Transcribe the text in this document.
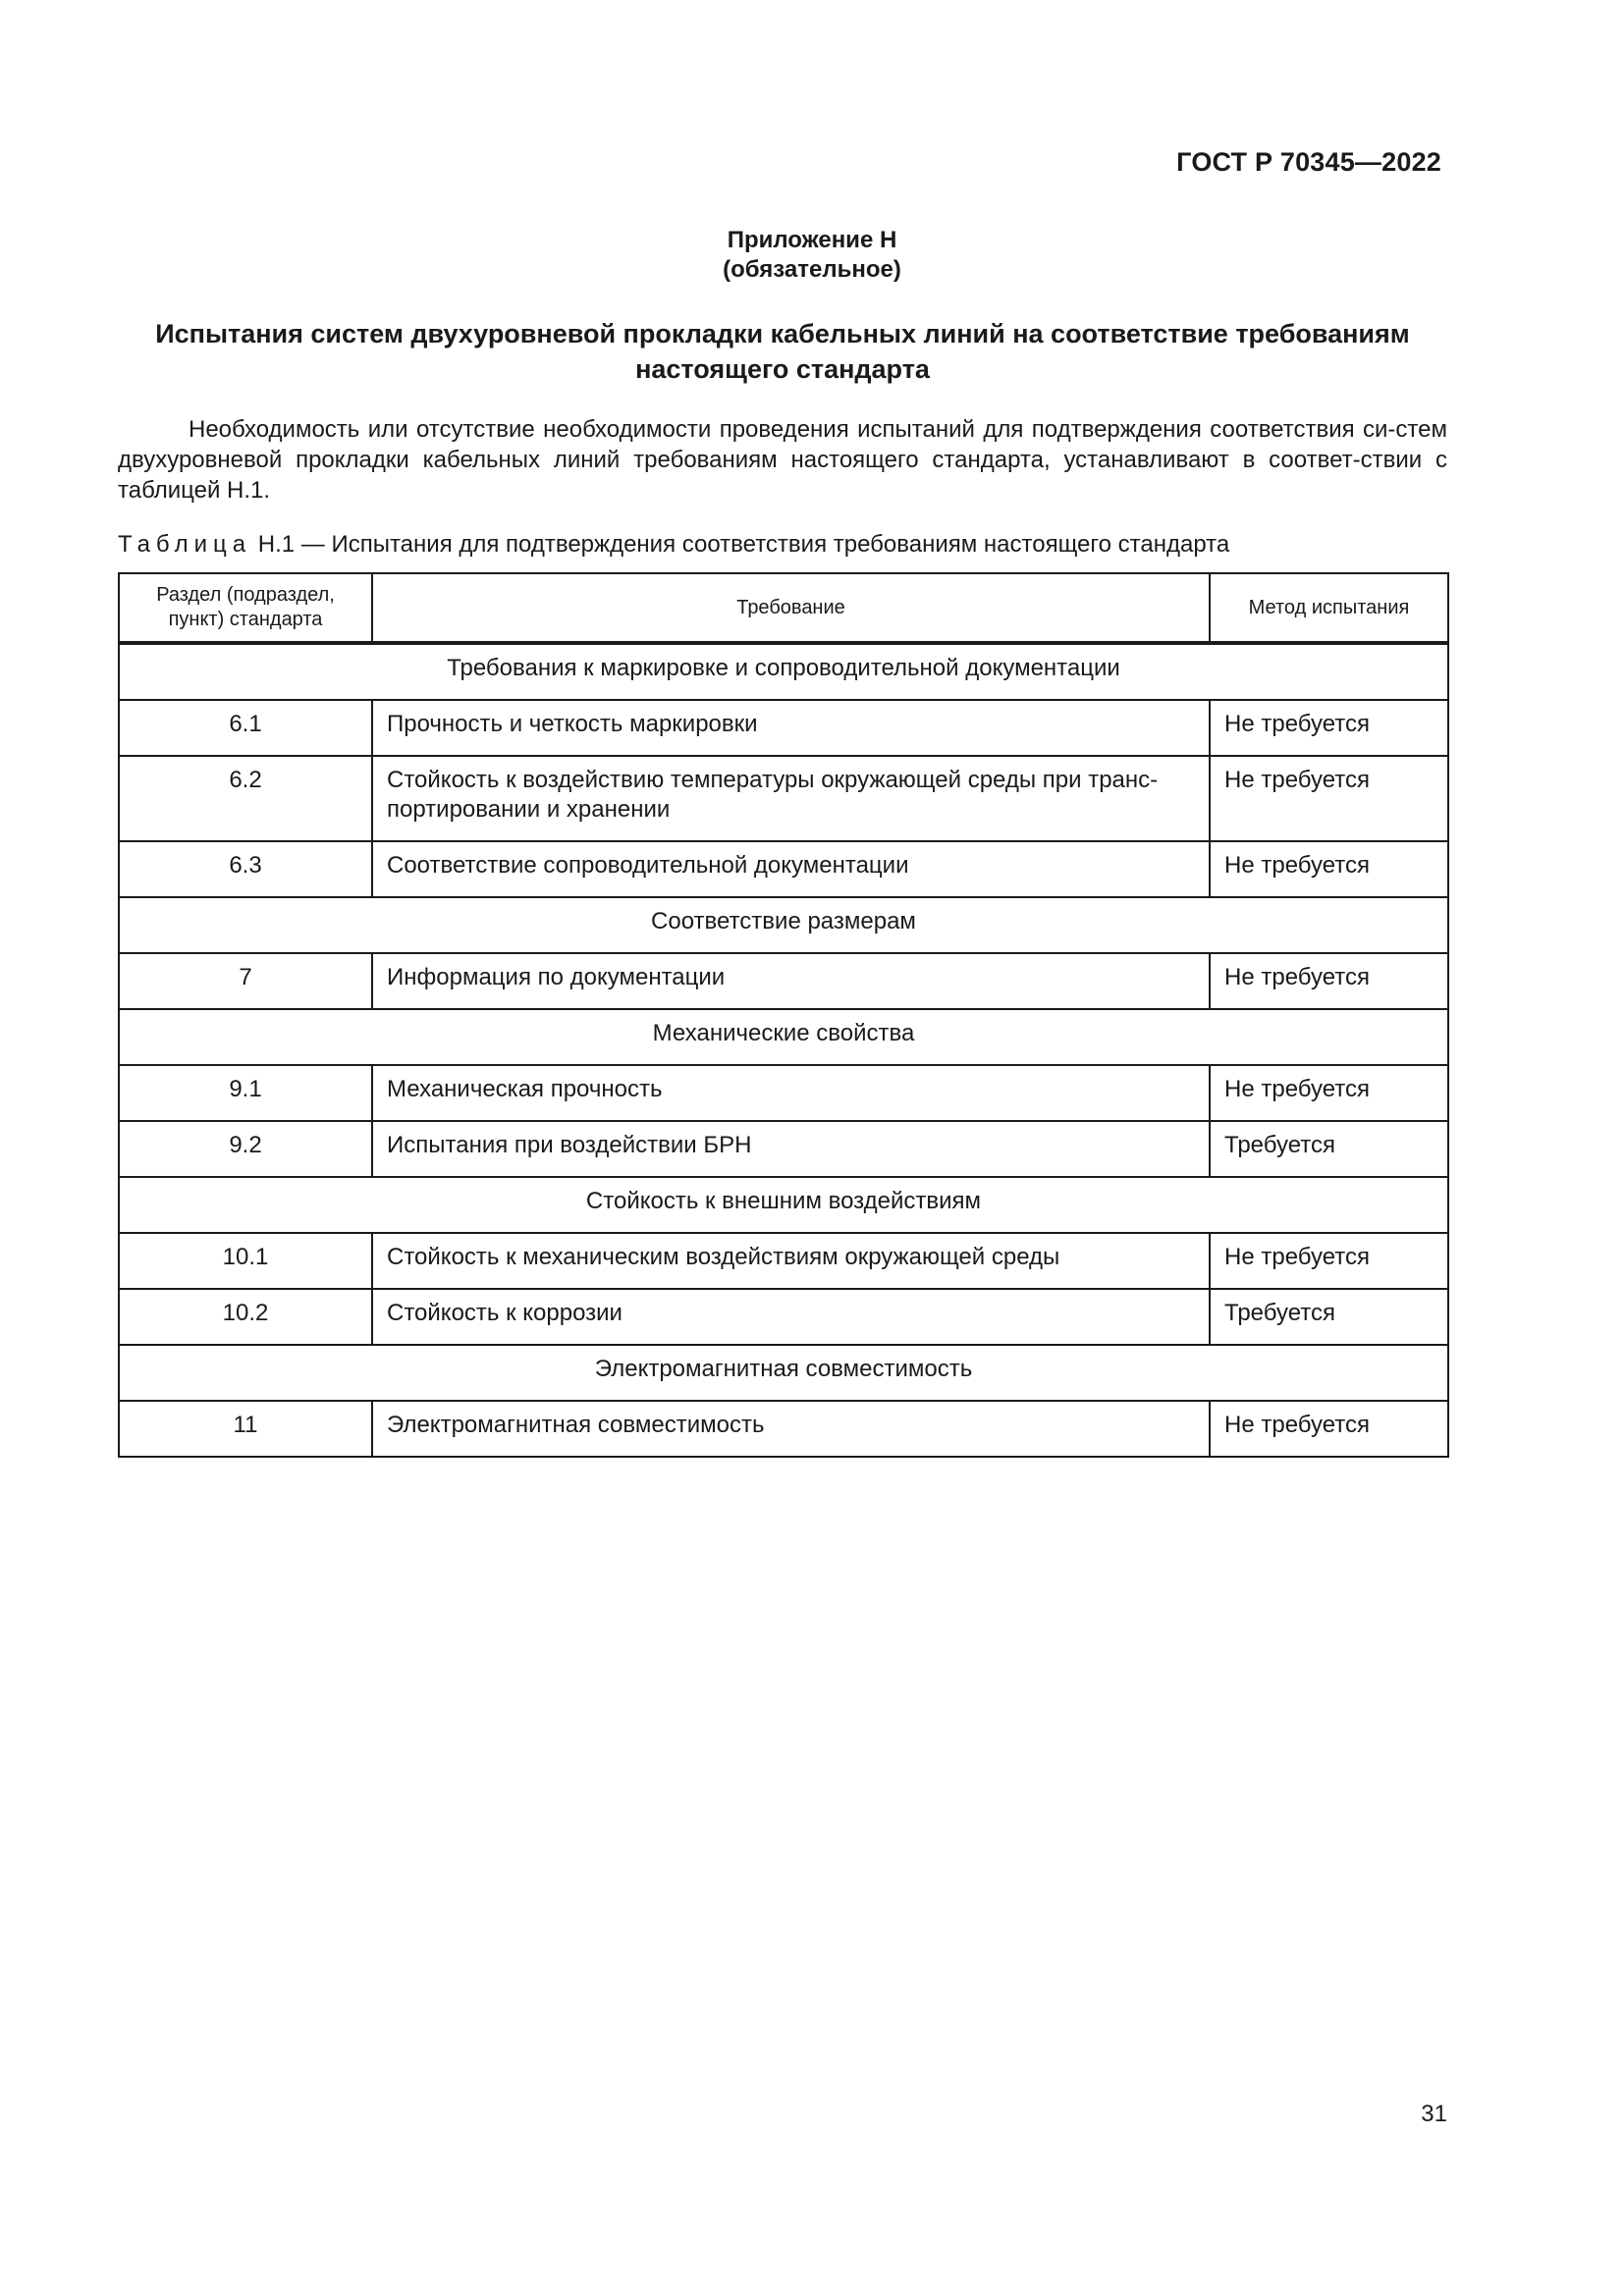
ГОСТ Р 70345—2022
Приложение Н
(обязательное)
Испытания систем двухуровневой прокладки кабельных линий на соответствие требованиям
настоящего стандарта

Необходимость или отсутствие необходимости проведения испытаний для подтверждения соответствия си-стем двухуровневой прокладки кабельных линий требованиям настоящего стандарта, устанавливают в соответ-ствии с таблицей Н.1.

Таблица Н.1 — Испытания для подтверждения соответствия требованиям настоящего стандарта
Раздел (подраздел,
пункт) стандарта	Требование	Метод испытания
Требования к маркировке и сопроводительной документации		
6.1	Прочность и четкость маркировки	Не требуется
6.2	Стойкость к воздействию температуры окружающей среды при транс-портировании и хранении	Не требуется
6.3	Соответствие сопроводительной документации	Не требуется
Соответствие размерам		
7	Информация по документации	Не требуется
Механические свойства		
9.1	Механическая прочность	Не требуется
9.2	Испытания при воздействии БРН	Требуется
Стойкость к внешним воздействиям		
10.1	Стойкость к механическим воздействиям окружающей среды	Не требуется
10.2	Стойкость к коррозии	Требуется
Электромагнитная совместимость		
11	Электромагнитная совместимость	Не требуется
31
